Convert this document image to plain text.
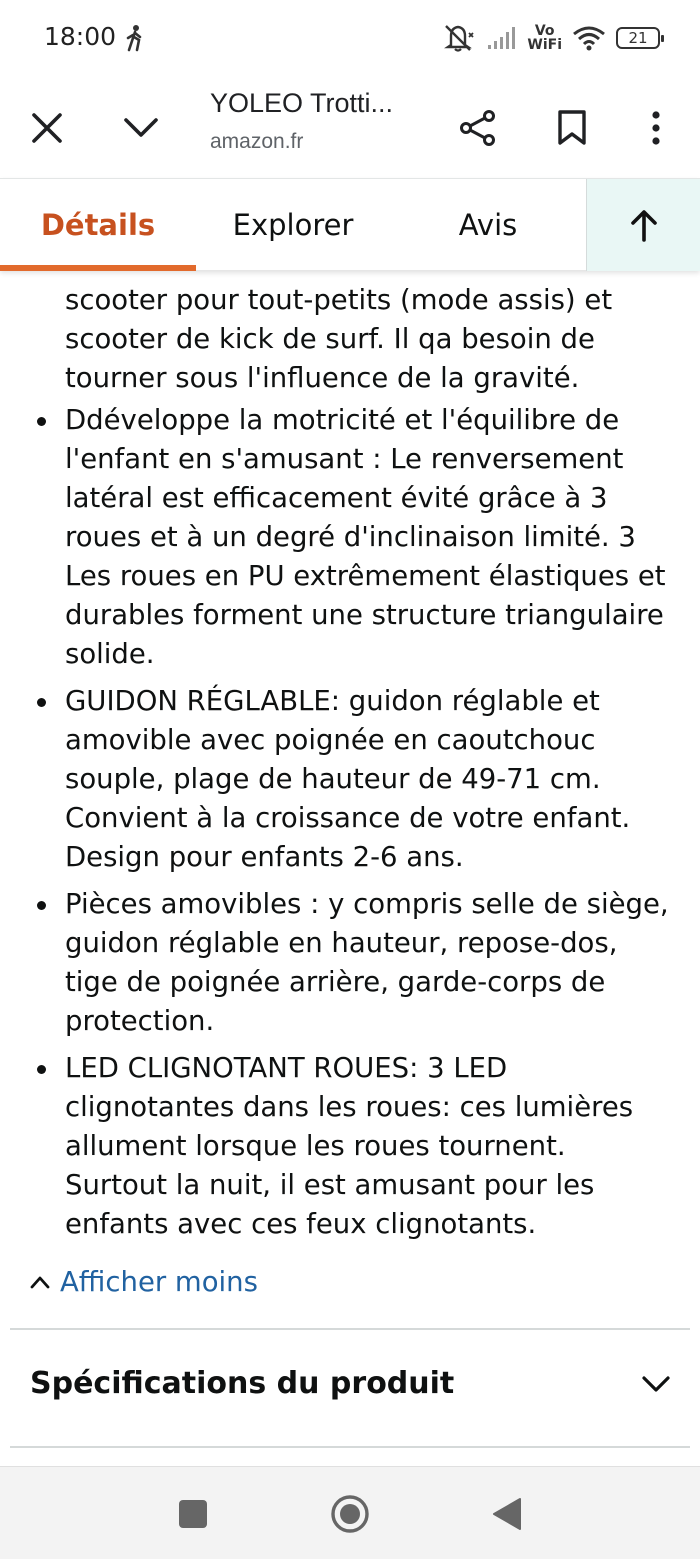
18:00	Vo
WiFi	21
YOLEO Trotti...
amazon.fr
Détails	Explorer	Avis

scooter pour tout-petits (mode assis) et scooter de kick de surf. Il qa besoin de tourner sous l'influence de la gravité.
Ddéveloppe la motricité et l'équilibre de l'enfant en s'amusant : Le renversement latéral est efficacement évité grâce à 3 roues et à un degré d'inclinaison limité. 3 Les roues en PU extrêmement élastiques et durables forment une structure triangulaire solide.
GUIDON RÉGLABLE: guidon réglable et amovible avec poignée en caoutchouc souple, plage de hauteur de 49-71 cm. Convient à la croissance de votre enfant. Design pour enfants 2-6 ans.
Pièces amovibles : y compris selle de siège, guidon réglable en hauteur, repose-dos, tige de poignée arrière, garde-corps de protection.
LED CLIGNOTANT ROUES: 3 LED clignotantes dans les roues: ces lumières allument lorsque les roues tournent. Surtout la nuit, il est amusant pour les enfants avec ces feux clignotants.
Afficher moins
Spécifications du produit
